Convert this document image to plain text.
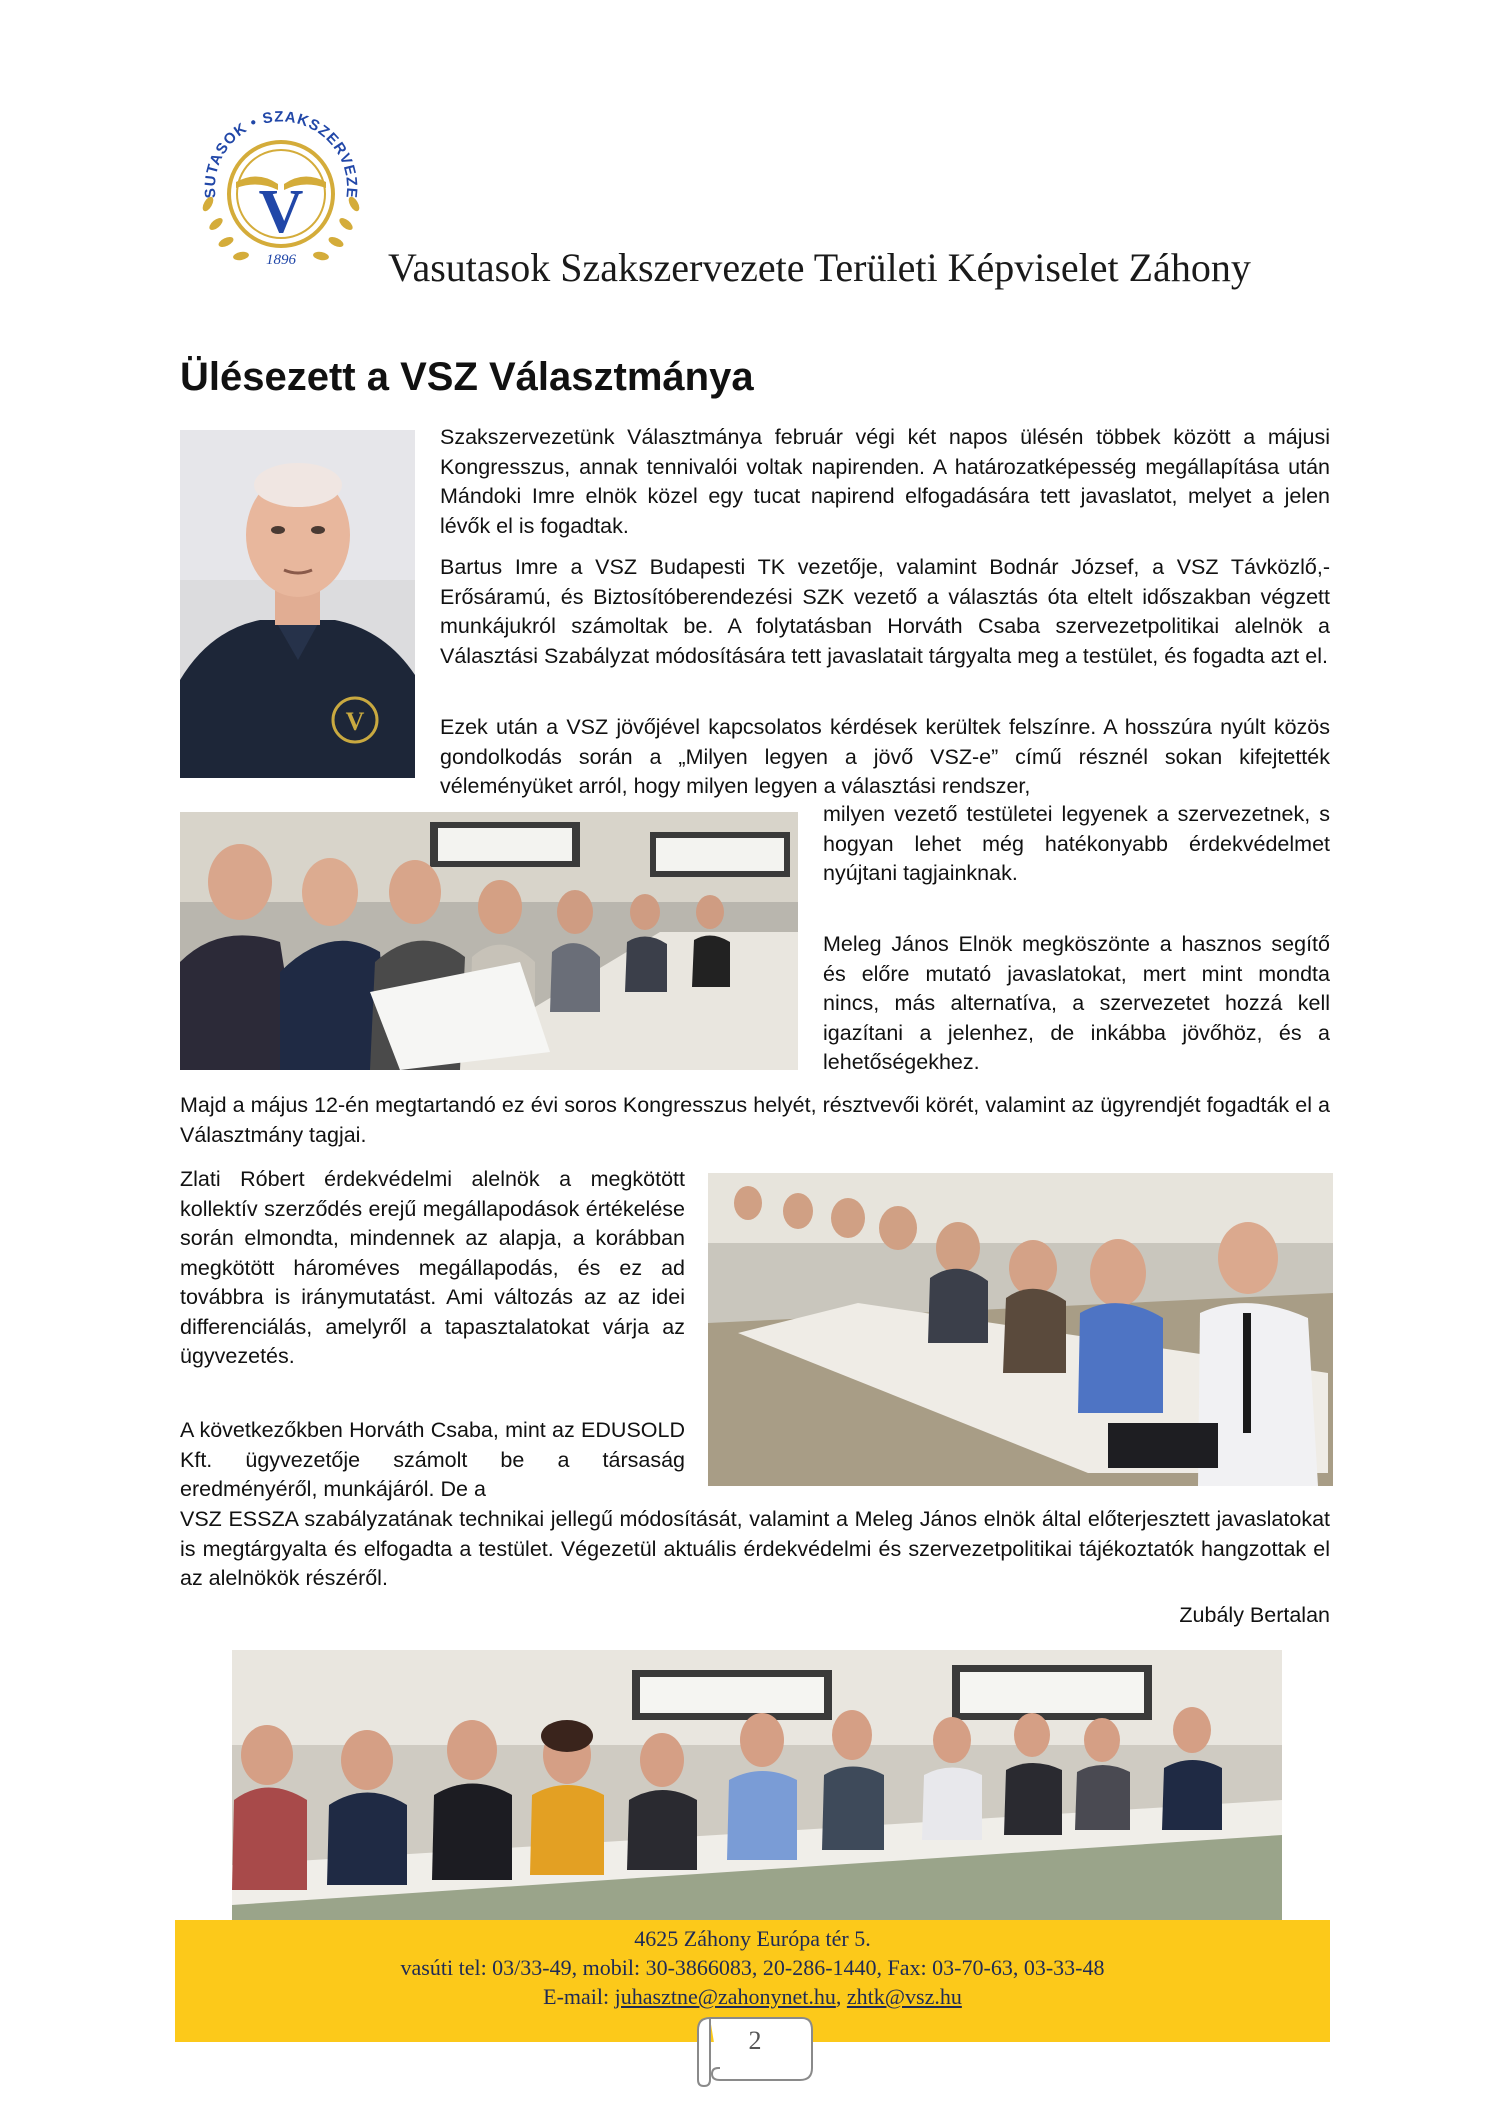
V
SUTASOK • SZAKSZERVEZE
1896 Vasutasok Szakszervezete Területi Képviselet Záhony
Ülésezett a VSZ Választmánya
V

Szakszervezetünk Választmánya február végi két napos ülésén többek között a májusi Kongresszus, annak tennivalói voltak napirenden. A határozatképesség megállapítása után Mándoki Imre elnök közel egy tucat napirend elfogadására tett javaslatot, melyet a jelen lévők el is fogadtak.

Bartus Imre a VSZ Budapesti TK vezetője, valamint Bodnár József, a VSZ Távközlő,-Erősáramú, és Biztosítóberendezési SZK vezető a választás óta eltelt időszakban végzett munkájukról számoltak be. A folytatásban Horváth Csaba szervezetpolitikai alelnök a Választási Szabályzat módosítására tett javaslatait tárgyalta meg a testület, és fogadta azt el.

Ezek után a VSZ jövőjével kapcsolatos kérdések kerültek felszínre. A hosszúra nyúlt közös gondolkodás során a „Milyen legyen a jövő VSZ-e” című résznél sokan kifejtették véleményüket arról, hogy milyen legyen a választási rendszer,

milyen vezető testületei legyenek a szervezetnek, s hogyan lehet még hatékonyabb érdekvédelmet nyújtani tagjainknak.

Meleg János Elnök megköszönte a hasznos segítő és előre mutató javaslatokat, mert mint mondta nincs, más alternatíva, a szervezetet hozzá kell igazítani a jelenhez, de inkábba jövőhöz, és a lehetőségekhez.

Majd a május 12-én megtartandó ez évi soros Kongresszus helyét, résztvevői körét, valamint az ügyrendjét fogadták el a Választmány tagjai.

Zlati Róbert érdekvédelmi alelnök a megkötött kollektív szerződés erejű megállapodások értékelése során elmondta, mindennek az alapja, a korábban megkötött hároméves megállapodás, és ez ad továbbra is iránymutatást. Ami változás az az idei differenciálás, amelyről a tapasztalatokat várja az ügyvezetés.

A következőkben Horváth Csaba, mint az EDUSOLD Kft. ügyvezetője számolt be a társaság eredményéről, munkájáról. De a

VSZ ESSZA szabályzatának technikai jellegű módosítását, valamint a Meleg János elnök által előterjesztett javaslatokat is megtárgyalta és elfogadta a testület. Végezetül aktuális érdekvédelmi és szervezetpolitikai tájékoztatók hangzottak el az alelnökök részéről.

Zubály Bertalan
4625 Záhony Európa tér 5.
vasúti tel: 03/33-49, mobil: 30-3866083, 20-286-1440, Fax: 03-70-63, 03-33-48
E-mail: juhasztne@zahonynet.hu, zhtk@vsz.hu
2
